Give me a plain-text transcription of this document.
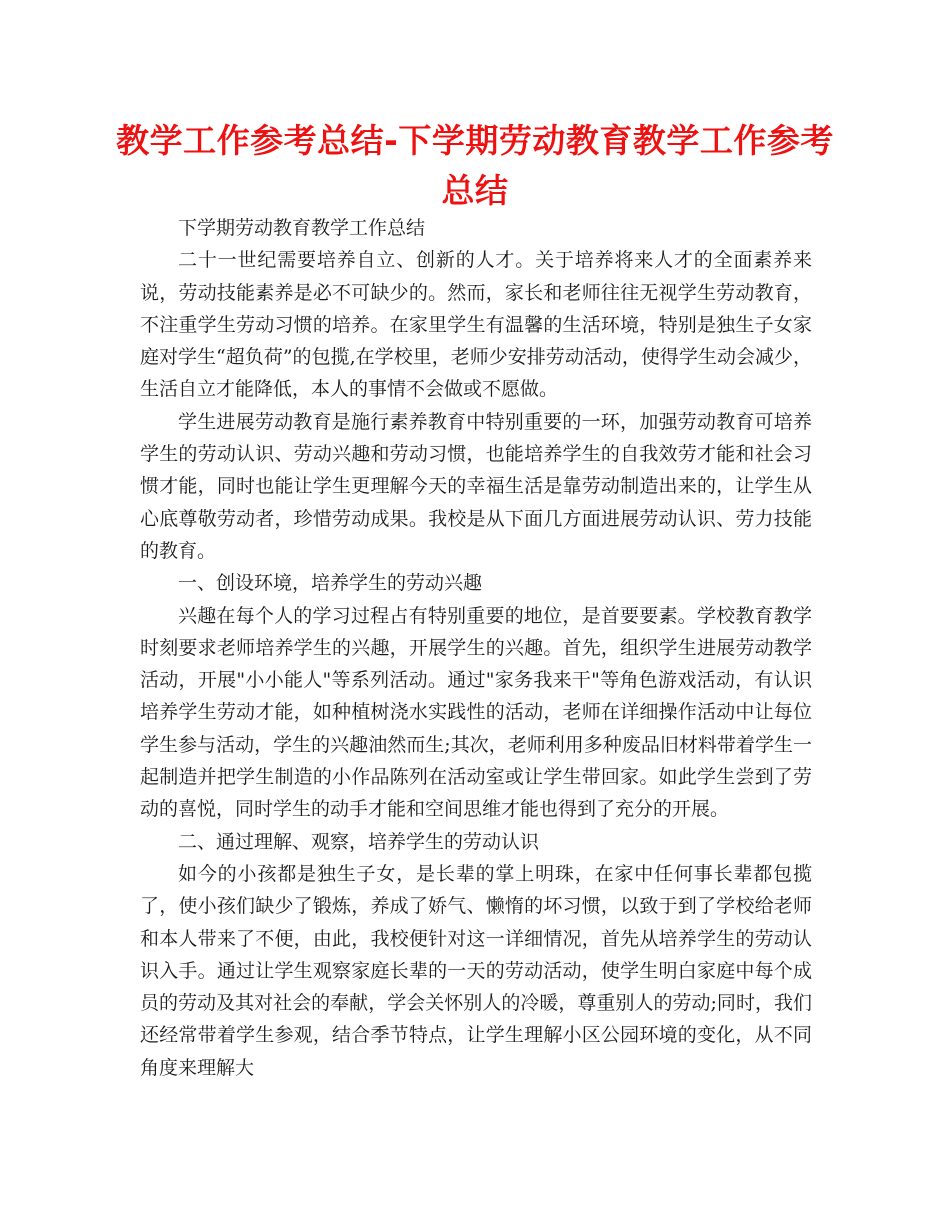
教学工作参考总结-下学期劳动教育教学工作参考总结

下学期劳动教育教学工作总结

二十一世纪需要培养自立、创新的人才。关于培养将来人才的全面素养来说，劳动技能素养是必不可缺少的。然而，家长和老师往往无视学生劳动教育，不注重学生劳动习惯的培养。在家里学生有温馨的生活环境，特别是独生子女家庭对学生“超负荷”的包揽,在学校里，老师少安排劳动活动，使得学生动会减少，生活自立才能降低，本人的事情不会做或不愿做。

学生进展劳动教育是施行素养教育中特别重要的一环，加强劳动教育可培养学生的劳动认识、劳动兴趣和劳动习惯，也能培养学生的自我效劳才能和社会习惯才能，同时也能让学生更理解今天的幸福生活是靠劳动制造出来的，让学生从心底尊敬劳动者，珍惜劳动成果。我校是从下面几方面进展劳动认识、劳力技能的教育。

一、创设环境，培养学生的劳动兴趣

兴趣在每个人的学习过程占有特别重要的地位，是首要要素。学校教育教学时刻要求老师培养学生的兴趣，开展学生的兴趣。首先，组织学生进展劳动教学活动，开展"小小能人"等系列活动。通过"家务我来干"等角色游戏活动，有认识培养学生劳动才能，如种植树浇水实践性的活动，老师在详细操作活动中让每位学生参与活动，学生的兴趣油然而生;其次，老师利用多种废品旧材料带着学生一起制造并把学生制造的小作品陈列在活动室或让学生带回家。如此学生尝到了劳动的喜悦，同时学生的动手才能和空间思维才能也得到了充分的开展。

二、通过理解、观察，培养学生的劳动认识

如今的小孩都是独生子女，是长辈的掌上明珠，在家中任何事长辈都包揽了，使小孩们缺少了锻炼，养成了娇气、懒惰的坏习惯，以致于到了学校给老师和本人带来了不便，由此，我校便针对这一详细情况，首先从培养学生的劳动认识入手。通过让学生观察家庭长辈的一天的劳动活动，使学生明白家庭中每个成员的劳动及其对社会的奉献，学会关怀别人的冷暖，尊重别人的劳动;同时，我们还经常带着学生参观，结合季节特点，让学生理解小区公园环境的变化，从不同角度来理解大
